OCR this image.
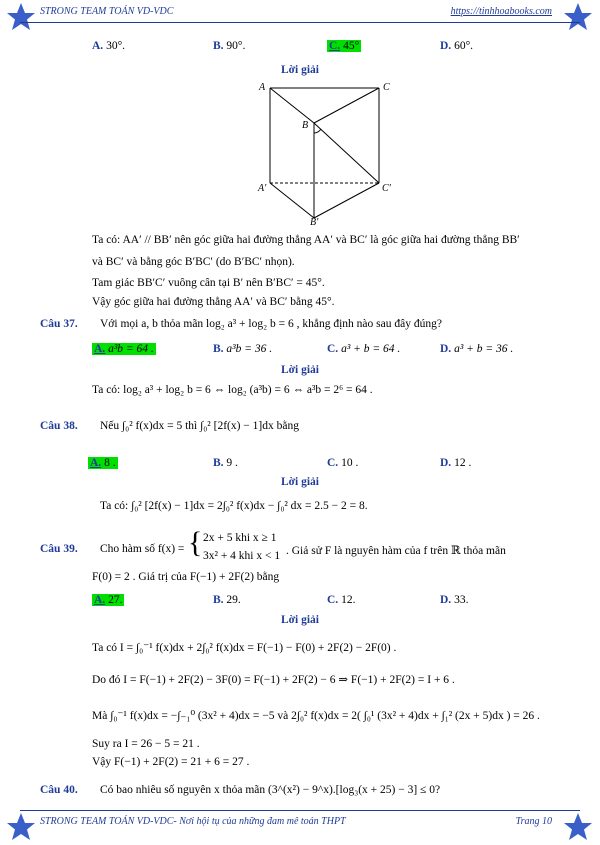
STRONG TEAM TOÁN VD-VDC	https://tinhhoabooks.com
A. 30°.	B. 90°.	C. 45°	D. 60°.
Lời giải
A	C
B
A′	C′
B′
Ta có: AA′ // BB′ nên góc giữa hai đường thẳng AA′ và BC′ là góc giữa hai đường thẳng BB′
và BC′ và bằng góc B′BC′ (do B′BC′ nhọn).
Tam giác BB′C′ vuông cân tại B′ nên B′BC′ = 45°.
Vậy góc giữa hai đường thẳng AA′ và BC′ bằng 45°.
Câu 37. Với mọi a, b thỏa mãn log₂ a³ + log₂ b = 6 , khẳng định nào sau đây đúng?
A. a³b = 64 .	B. a³b = 36 .	C. a³ + b = 64 .	D. a³ + b = 36 .
Lời giải
Ta có: log₂ a³ + log₂ b = 6 ⇔ log₂ (a³b) = 6 ⇔ a³b = 2⁶ = 64 .
Câu 38. Nếu ∫₀² f(x)dx = 5 thì ∫₀² [2f(x) − 1]dx bằng
A. 8 .	B. 9 .	C. 10 .	D. 12 .
Lời giải
Ta có: ∫₀² [2f(x) − 1]dx = 2∫₀² f(x)dx − ∫₀² dx = 2.5 − 2 = 8.
Câu 39. Cho hàm số f(x) = { 2x + 5 khi x ≥ 1
3x² + 4 khi x < 1 . Giả sử F là nguyên hàm của f trên ℝ thỏa mãn
F(0) = 2 . Giá trị của F(−1) + 2F(2) bằng
A. 27.	B. 29.	C. 12.	D. 33.
Lời giải
Ta có I = ∫₀⁻¹ f(x)dx + 2∫₀² f(x)dx = F(−1) − F(0) + 2F(2) − 2F(0) .
Do đó I = F(−1) + 2F(2) − 3F(0) = F(−1) + 2F(2) − 6 ⇒ F(−1) + 2F(2) = I + 6 .
Mà ∫₀⁻¹ f(x)dx = −∫₋₁⁰ (3x² + 4)dx = −5 và 2∫₀² f(x)dx = 2( ∫₀¹ (3x² + 4)dx + ∫₁² (2x + 5)dx ) = 26 .
Suy ra I = 26 − 5 = 21 .
Vậy F(−1) + 2F(2) = 21 + 6 = 27 .
Câu 40. Có bao nhiêu số nguyên x thỏa mãn (3^(x²) − 9^x).[log₃(x + 25) − 3] ≤ 0?
STRONG TEAM TOÁN VD-VDC- Nơi hội tụ của những đam mê toán THPT	Trang 10
